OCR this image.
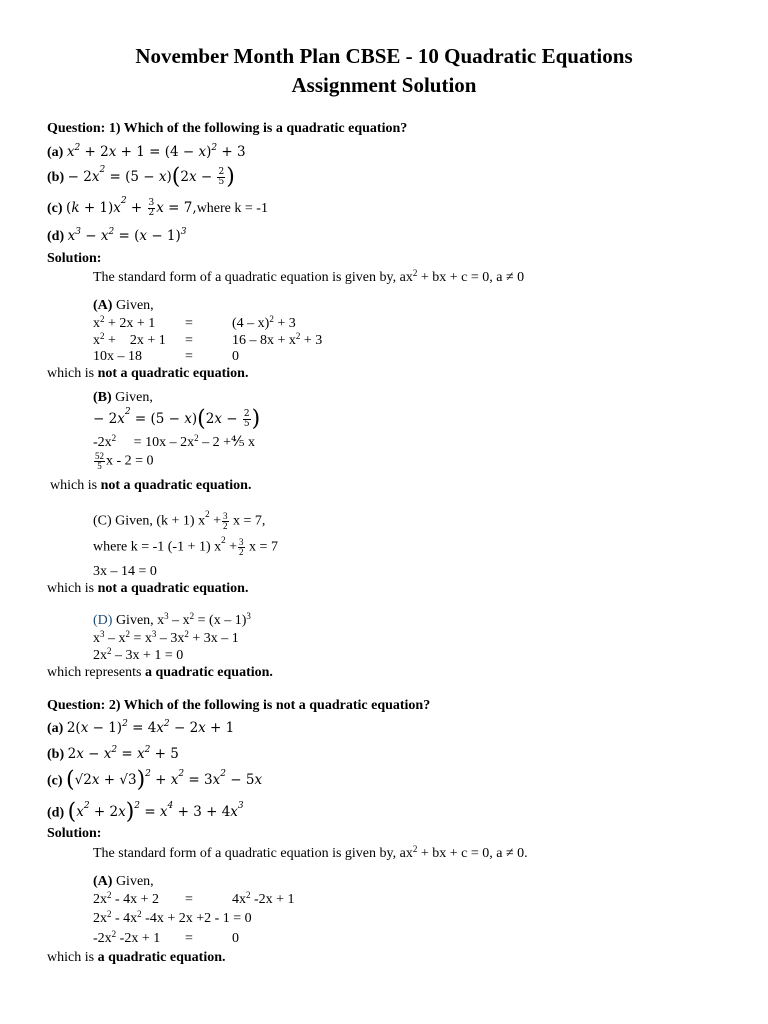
November Month Plan CBSE - 10 Quadratic Equations
Assignment Solution
Question: 1) Which of the following is a quadratic equation?
(a) $x^2 + 2x + 1 = (4 - x)^2 + 3$
$(b) - 2x^2 = (5 - x)(2x - \frac{2}{5}$ )
(c) $(k + 1)x^2 + \frac{3}{2}$ x = 7,where k = -1
(d) $x^3 - x^2 = (x - 1)^3$
Solution:
The standard form of a quadratic equation is given by, $ax^2$ + bx + c = 0, a ≠ 0
(A) Given,
$x^2 + 2x + 1$ =	(4 – x)$^2$ + 3
$x^2$ +    2x + 1 =	$16 - 8x + x^2 + 3$
10x – 18	=	0
which is not a quadratic equation.
(B) Given,
− $2x^2 = (5 - x)(2x - \frac{2}{5}$ )
$-2x^2$     = $10x - 2x^2 - 2$ +⅘ x
$\frac{52}{5}$ x - 2 = 0
which is not a quadratic equation.
(C) Given, (k + 1) $x^2 + \frac{3}{2}$ x = 7,
where k = -1 (-1 + 1) $x^2 + \frac{3}{2}$ x = 7
3x – 14 = 0
which is not a quadratic equation.
(D) Given, $x^3 - x^2 = (x - 1)^3$
$x^3 - x^2 = x^3 - 3x^2 + 3x - 1$
$2x^2 - 3x + 1 = 0$
which represents a quadratic equation.
Question: 2) Which of the following is not a quadratic equation?
(a) $2(x - 1)^2 = 4x^2 - 2x + 1$
(b) $2x - x^2 = x^2 + 5$
(c) $(√2x + √3)^2 + x^2 = 3x^2 - 5x$
(d) $(x^2 + 2x)^2 = x^4 + 3 + 4x^3$
Solution:
The standard form of a quadratic equation is given by, $ax^2$ + bx + c = 0, a ≠ 0.
(A) Given,
$2x^2 - 4x + 2$ =	$4x^2$ -2x + 1
$2x^2 - 4x^2$ -4x + 2x +2 - 1 = 0
$-2x^2$ -2x + 1 =	0
which is a quadratic equation.
